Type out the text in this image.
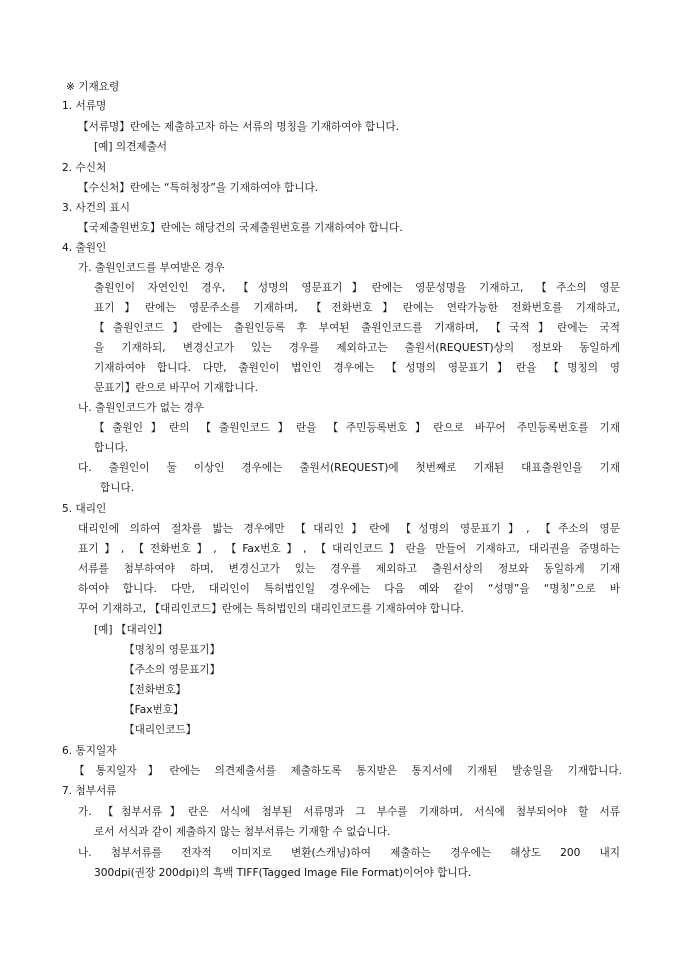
※ 기재요령
1. 서류명
【서류명】란에는 제출하고자 하는 서류의 명칭을 기재하여야 합니다.
[예] 의견제출서
2. 수신처
【수신처】란에는 “특허청장”을 기재하여야 합니다.
3. 사건의 표시
【국제출원번호】란에는 해당건의 국제출원번호를 기재하여야 합니다.
4. 출원인
가. 출원인코드를 부여받은 경우
출원인이 자연인인 경우, 【성명의 영문표기】란에는 영문성명을 기재하고, 【주소의 영문
표기】란에는 영문주소를 기재하며, 【전화번호】란에는 연락가능한 전화번호를 기재하고,
【출원인코드】란에는 출원인등록 후 부여된 출원인코드를 기재하며, 【국적】란에는 국적
을 기재하되, 변경신고가 있는 경우를 제외하고는 출원서(REQUEST)상의 정보와 동일하게
기재하여야 합니다. 다만, 출원인이 법인인 경우에는 【성명의 영문표기】란을 【명칭의 영
문표기】란으로 바꾸어 기재합니다.
나. 출원인코드가 없는 경우
【출원인】란의 【출원인코드】란을 【주민등록번호】란으로 바꾸어 주민등록번호를 기재
합니다.
다. 출원인이 둘 이상인 경우에는 출원서(REQUEST)에 첫번째로 기재된 대표출원인을 기재
합니다.
5. 대리인
대리인에 의하여 절차를 밟는 경우에만 【대리인】란에 【성명의 영문표기】, 【주소의 영문
표기】, 【전화번호】, 【Fax번호】, 【대리인코드】란을 만들어 기재하고, 대리권을 증명하는
서류를 첨부하여야 하며, 변경신고가 있는 경우를 제외하고 출원서상의 정보와 동일하게 기재
하여야 합니다. 다만, 대리인이 특허법인일 경우에는 다음 예와 같이 “성명”을 “명칭”으로 바
꾸어 기재하고, 【대리인코드】란에는 특허법인의 대리인코드를 기재하여야 합니다.
[예] 【대리인】
【명칭의 영문표기】
【주소의 영문표기】
【전화번호】
【Fax번호】
【대리인코드】
6. 통지일자
【통지일자】란에는 의견제출서를 제출하도록 통지받은 통지서에 기재된 발송일을 기재합니다.
7. 첨부서류
가. 【첨부서류】란은 서식에 첨부된 서류명과 그 부수를 기재하며, 서식에 첨부되어야 할 서류
로서 서식과 같이 제출하지 않는 첨부서류는 기재할 수 없습니다.
나. 첨부서류를 전자적 이미지로 변환(스캐닝)하여 제출하는 경우에는 해상도 200 내지
300dpi(권장 200dpi)의 흑백 TIFF(Tagged Image File Format)이어야 합니다.
